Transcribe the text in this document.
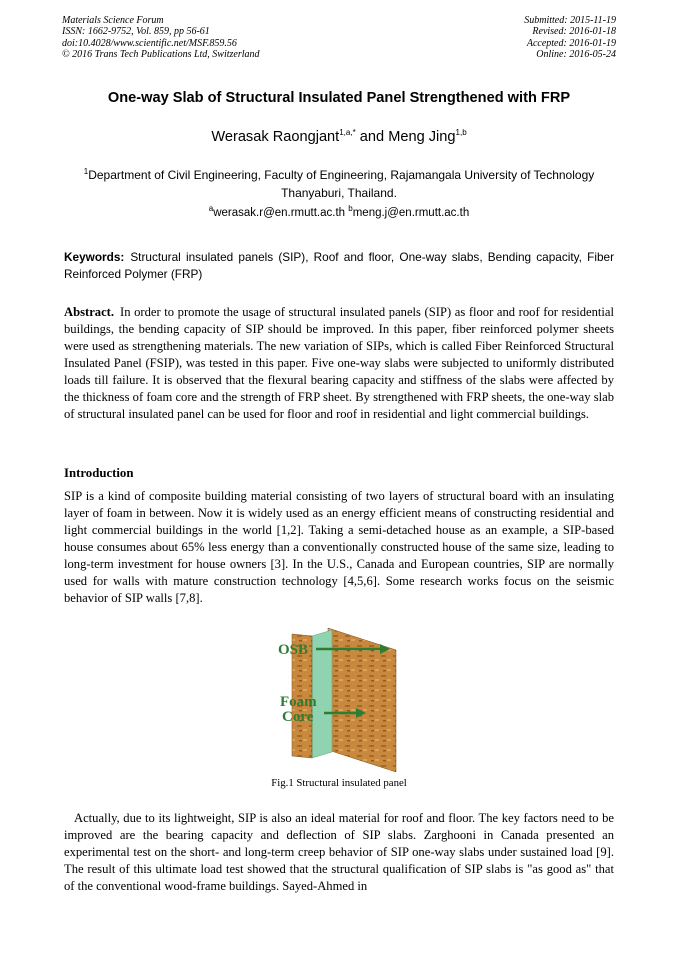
Materials Science Forum
ISSN: 1662-9752, Vol. 859, pp 56-61
doi:10.4028/www.scientific.net/MSF.859.56
© 2016 Trans Tech Publications Ltd, Switzerland
Submitted: 2015-11-19
Revised: 2016-01-18
Accepted: 2016-01-19
Online: 2016-05-24
One-way Slab of Structural Insulated Panel Strengthened with FRP
Werasak Raongjant$^{1,a,*}$ and Meng Jing$^{1,b}$
$^1$Department of Civil Engineering, Faculty of Engineering, Rajamangala University of Technology Thanyaburi, Thailand.
$^a$werasak.r@en.rmutt.ac.th $^b$meng.j@en.rmutt.ac.th
Keywords: Structural insulated panels (SIP), Roof and floor, One-way slabs, Bending capacity, Fiber Reinforced Polymer (FRP)
Abstract. In order to promote the usage of structural insulated panels (SIP) as floor and roof for residential buildings, the bending capacity of SIP should be improved. In this paper, fiber reinforced polymer sheets were used as strengthening materials. The new variation of SIPs, which is called Fiber Reinforced Structural Insulated Panel (FSIP), was tested in this paper. Five one-way slabs were subjected to uniformly distributed loads till failure. It is observed that the flexural bearing capacity and stiffness of the slabs were affected by the thickness of foam core and the strength of FRP sheet. By strengthened with FRP sheets, the one-way slab of structural insulated panel can be used for floor and roof in residential and light commercial buildings.
Introduction
SIP is a kind of composite building material consisting of two layers of structural board with an insulating layer of foam in between. Now it is widely used as an energy efficient means of constructing residential and light commercial buildings in the world [1,2]. Taking a semi-detached house as an example, a SIP-based house consumes about 65% less energy than a conventionally constructed house of the same size, leading to long-term investment for house owners [3]. In the U.S., Canada and European countries, SIP are normally used for walls with mature construction technology [4,5,6]. Some research works focus on the seismic behavior of SIP walls [7,8].
OSB
Foam
Core
Fig.1 Structural insulated panel
Actually, due to its lightweight, SIP is also an ideal material for roof and floor. The key factors need to be improved are the bearing capacity and deflection of SIP slabs. Zarghooni in Canada presented an experimental test on the short- and long-term creep behavior of SIP one-way slabs under sustained load [9]. The result of this ultimate load test showed that the structural qualification of SIP slabs is "as good as" that of the conventional wood-frame buildings. Sayed-Ahmed in
